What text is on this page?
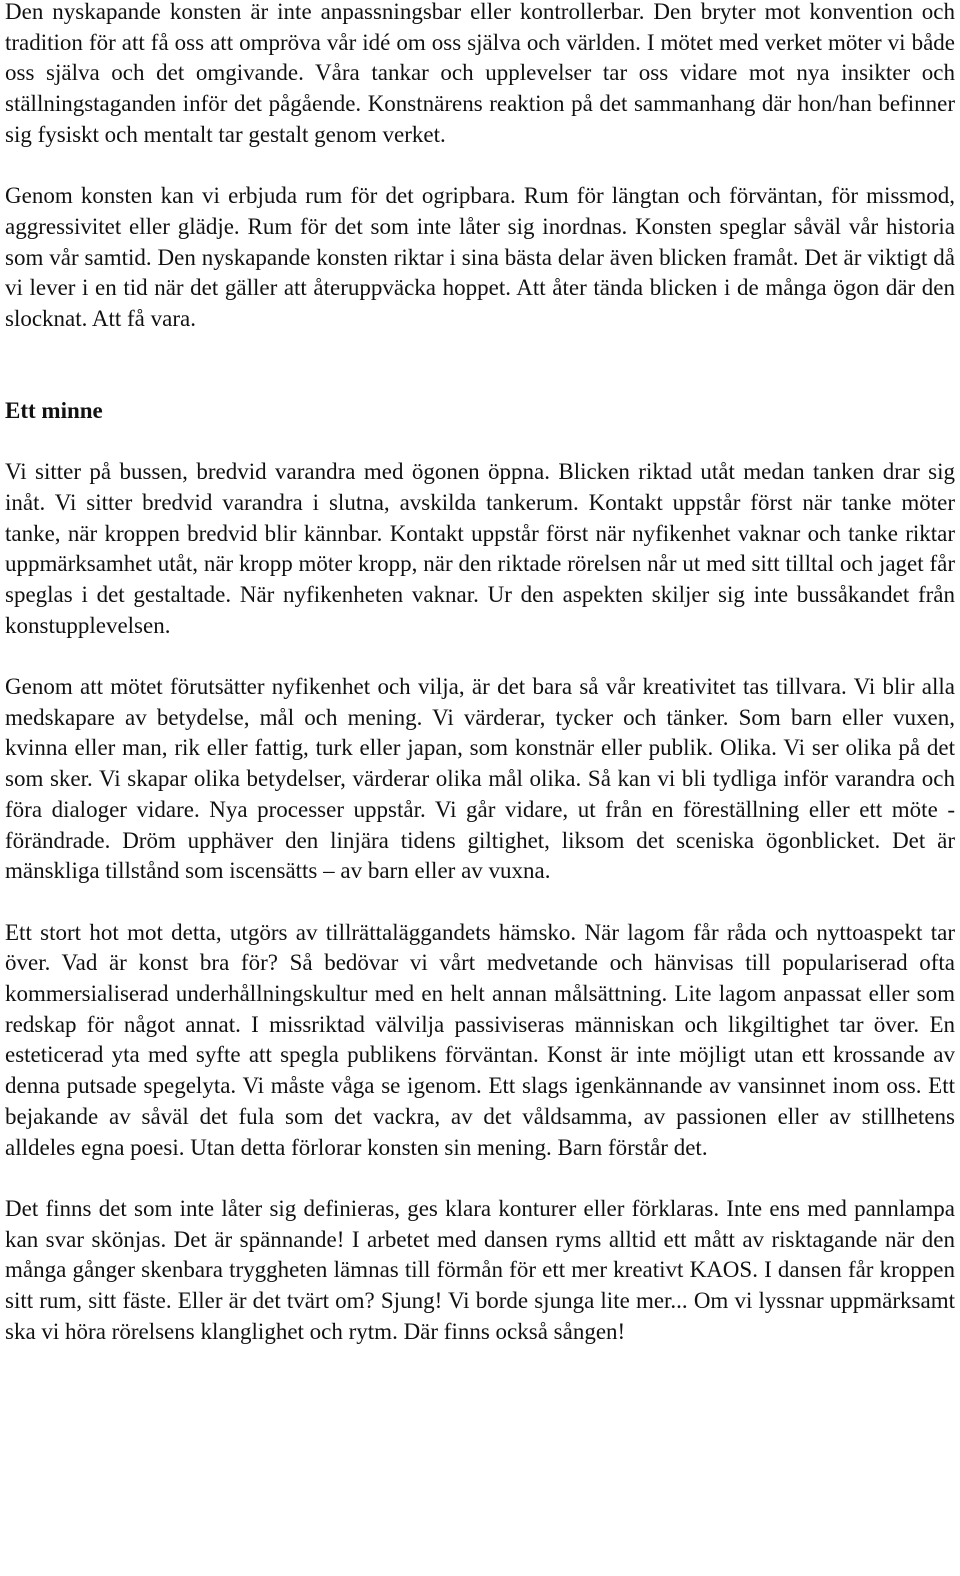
Den nyskapande konsten är inte anpassningsbar eller kontrollerbar. Den bryter mot konvention och tradition för att få oss att ompröva vår idé om oss själva och världen. I mötet med verket möter vi både oss själva och det omgivande. Våra tankar och upplevelser tar oss vidare mot nya insikter och ställningstaganden inför det pågående. Konstnärens reaktion på det sammanhang där hon/han befinner sig fysiskt och mentalt tar gestalt genom verket.

Genom konsten kan vi erbjuda rum för det ogripbara. Rum för längtan och förväntan, för missmod, aggressivitet eller glädje. Rum för det som inte låter sig inordnas. Konsten speglar såväl vår historia som vår samtid. Den nyskapande konsten riktar i sina bästa delar även blicken framåt. Det är viktigt då vi lever i en tid när det gäller att återuppväcka hoppet. Att åter tända blicken i de många ögon där den slocknat. Att få vara.

Ett minne

Vi sitter på bussen, bredvid varandra med ögonen öppna. Blicken riktad utåt medan tanken drar sig inåt. Vi sitter bredvid varandra i slutna, avskilda tankerum. Kontakt uppstår först när tanke möter tanke, när kroppen bredvid blir kännbar. Kontakt uppstår först när nyfikenhet vaknar och tanke riktar uppmärksamhet utåt, när kropp möter kropp, när den riktade rörelsen når ut med sitt tilltal och jaget får speglas i det gestaltade. När nyfikenheten vaknar. Ur den aspekten skiljer sig inte bussåkandet från konstupplevelsen.

Genom att mötet förutsätter nyfikenhet och vilja, är det bara så vår kreativitet tas tillvara. Vi blir alla medskapare av betydelse, mål och mening. Vi värderar, tycker och tänker. Som barn eller vuxen, kvinna eller man, rik eller fattig, turk eller japan, som konstnär eller publik. Olika. Vi ser olika på det som sker. Vi skapar olika betydelser, värderar olika mål olika. Så kan vi bli tydliga inför varandra och föra dialoger vidare. Nya processer uppstår. Vi går vidare, ut från en föreställning eller ett möte - förändrade. Dröm upphäver den linjära tidens giltighet, liksom det sceniska ögonblicket. Det är mänskliga tillstånd som iscensätts – av barn eller av vuxna.

Ett stort hot mot detta, utgörs av tillrättaläggandets hämsko. När lagom får råda och nyttoaspekt tar över. Vad är konst bra för? Så bedövar vi vårt medvetande och hänvisas till populariserad ofta kommersialiserad underhållningskultur med en helt annan målsättning. Lite lagom anpassat eller som redskap för något annat. I missriktad välvilja passiviseras människan och likgiltighet tar över. En esteticerad yta med syfte att spegla publikens förväntan. Konst är inte möjligt utan ett krossande av denna putsade spegelyta. Vi måste våga se igenom. Ett slags igenkännande av vansinnet inom oss. Ett bejakande av såväl det fula som det vackra, av det våldsamma, av passionen eller av stillhetens alldeles egna poesi. Utan detta förlorar konsten sin mening. Barn förstår det.

Det finns det som inte låter sig definieras, ges klara konturer eller förklaras. Inte ens med pannlampa kan svar skönjas. Det är spännande! I arbetet med dansen ryms alltid ett mått av risktagande när den många gånger skenbara tryggheten lämnas till förmån för ett mer kreativt KAOS. I dansen får kroppen sitt rum, sitt fäste. Eller är det tvärt om? Sjung! Vi borde sjunga lite mer... Om vi lyssnar uppmärksamt ska vi höra rörelsens klanglighet och rytm. Där finns också sången!
